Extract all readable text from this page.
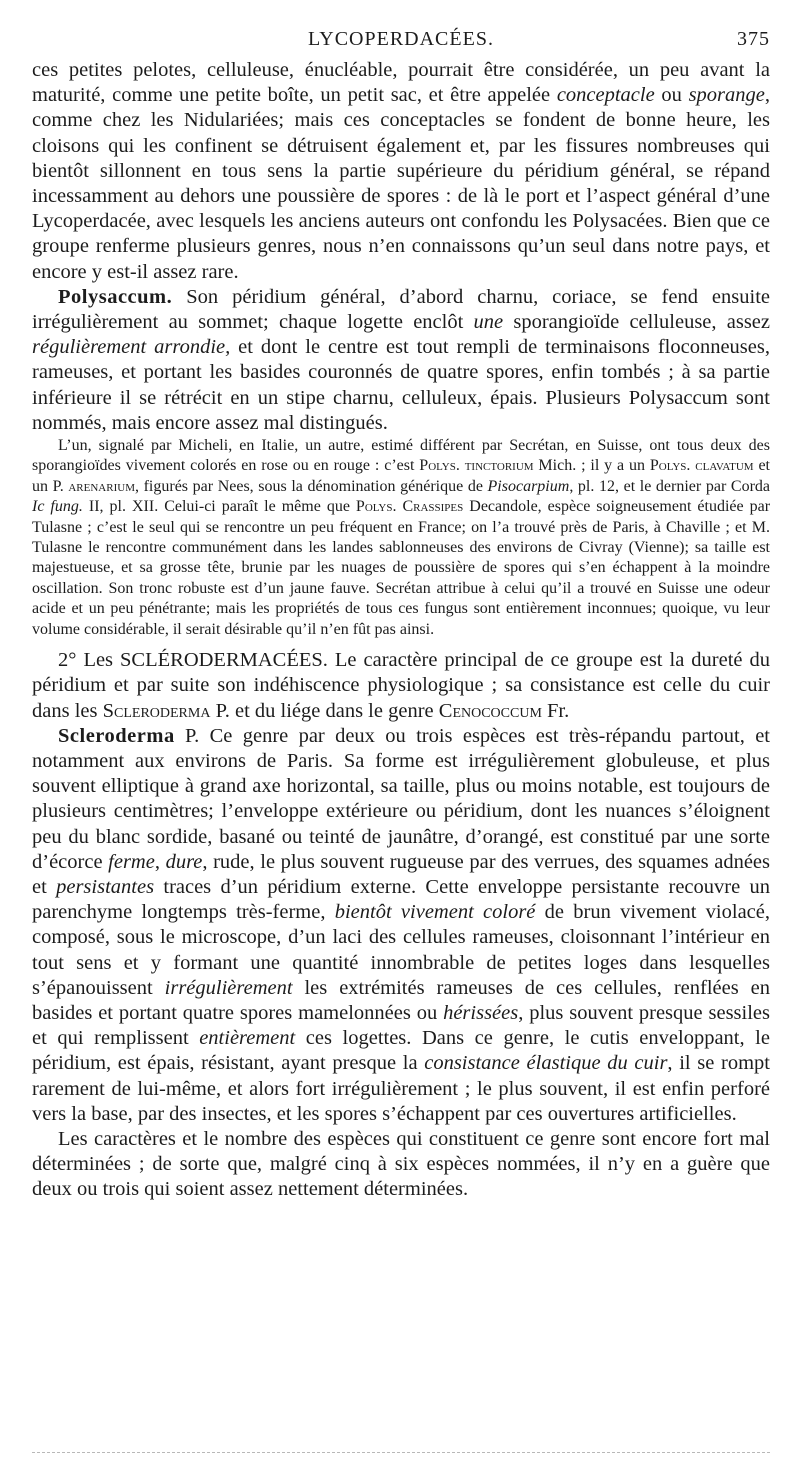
LYCOPERDACÉES.	375

ces petites pelotes, celluleuse, énucléable, pourrait être considérée, un peu avant la maturité, comme une petite boîte, un petit sac, et être appelée conceptacle ou sporange, comme chez les Nidulariées; mais ces conceptacles se fondent de bonne heure, les cloisons qui les confinent se détruisent également et, par les fissures nombreuses qui bientôt sillonnent en tous sens la partie supérieure du péridium général, se répand incessamment au dehors une poussière de spores : de là le port et l’aspect général d’une Lycoperdacée, avec lesquels les anciens auteurs ont confondu les Polysacées. Bien que ce groupe renferme plusieurs genres, nous n’en connaissons qu’un seul dans notre pays, et encore y est-il assez rare.

Polysaccum. Son péridium général, d’abord charnu, coriace, se fend ensuite irrégulièrement au sommet; chaque logette enclôt une sporangioïde celluleuse, assez régulièrement arrondie, et dont le centre est tout rempli de terminaisons floconneuses, rameuses, et portant les basides couronnés de quatre spores, enfin tombés ; à sa partie inférieure il se rétrécit en un stipe charnu, celluleux, épais. Plusieurs Polysaccum sont nommés, mais encore assez mal distingués.

L’un, signalé par Micheli, en Italie, un autre, estimé différent par Secrétan, en Suisse, ont tous deux des sporangioïdes vivement colorés en rose ou en rouge : c’est Polys. tinctorium Mich. ; il y a un Polys. clavatum et un P. arenarium, figurés par Nees, sous la dénomination générique de Pisocarpium, pl. 12, et le dernier par Corda Ic fung. II, pl. XII. Celui-ci paraît le même que Polys. Crassipes Decandole, espèce soigneusement étudiée par Tulasne ; c’est le seul qui se rencontre un peu fréquent en France; on l’a trouvé près de Paris, à Chaville ; et M. Tulasne le rencontre communément dans les landes sablonneuses des environs de Civray (Vienne); sa taille est majestueuse, et sa grosse tête, brunie par les nuages de poussière de spores qui s’en échappent à la moindre oscillation. Son tronc robuste est d’un jaune fauve. Secrétan attribue à celui qu’il a trouvé en Suisse une odeur acide et un peu pénétrante; mais les propriétés de tous ces fungus sont entièrement inconnues; quoique, vu leur volume considérable, il serait désirable qu’il n’en fût pas ainsi.

2° Les SCLÉRODERMACÉES. Le caractère principal de ce groupe est la dureté du péridium et par suite son indéhiscence physiologique ; sa consistance est celle du cuir dans les Scleroderma P. et du liége dans le genre Cenococcum Fr.

Scleroderma P. Ce genre par deux ou trois espèces est très-répandu partout, et notamment aux environs de Paris. Sa forme est irrégulièrement globuleuse, et plus souvent elliptique à grand axe horizontal, sa taille, plus ou moins notable, est toujours de plusieurs centimètres; l’enveloppe extérieure ou péridium, dont les nuances s’éloignent peu du blanc sordide, basané ou teinté de jaunâtre, d’orangé, est constitué par une sorte d’écorce ferme, dure, rude, le plus souvent rugueuse par des verrues, des squames adnées et persistantes traces d’un péridium externe. Cette enveloppe persistante recouvre un parenchyme longtemps très-ferme, bientôt vivement coloré de brun vivement violacé, composé, sous le microscope, d’un laci des cellules rameuses, cloisonnant l’intérieur en tout sens et y formant une quantité innombrable de petites loges dans lesquelles s’épanouissent irrégulièrement les extrémités rameuses de ces cellules, renflées en basides et portant quatre spores mamelonnées ou hérissées, plus souvent presque sessiles et qui remplissent entièrement ces logettes. Dans ce genre, le cutis enveloppant, le péridium, est épais, résistant, ayant presque la consistance élastique du cuir, il se rompt rarement de lui-même, et alors fort irrégulièrement ; le plus souvent, il est enfin perforé vers la base, par des insectes, et les spores s’échappent par ces ouvertures artificielles.

Les caractères et le nombre des espèces qui constituent ce genre sont encore fort mal déterminées ; de sorte que, malgré cinq à six espèces nommées, il n’y en a guère que deux ou trois qui soient assez nettement déterminées.
